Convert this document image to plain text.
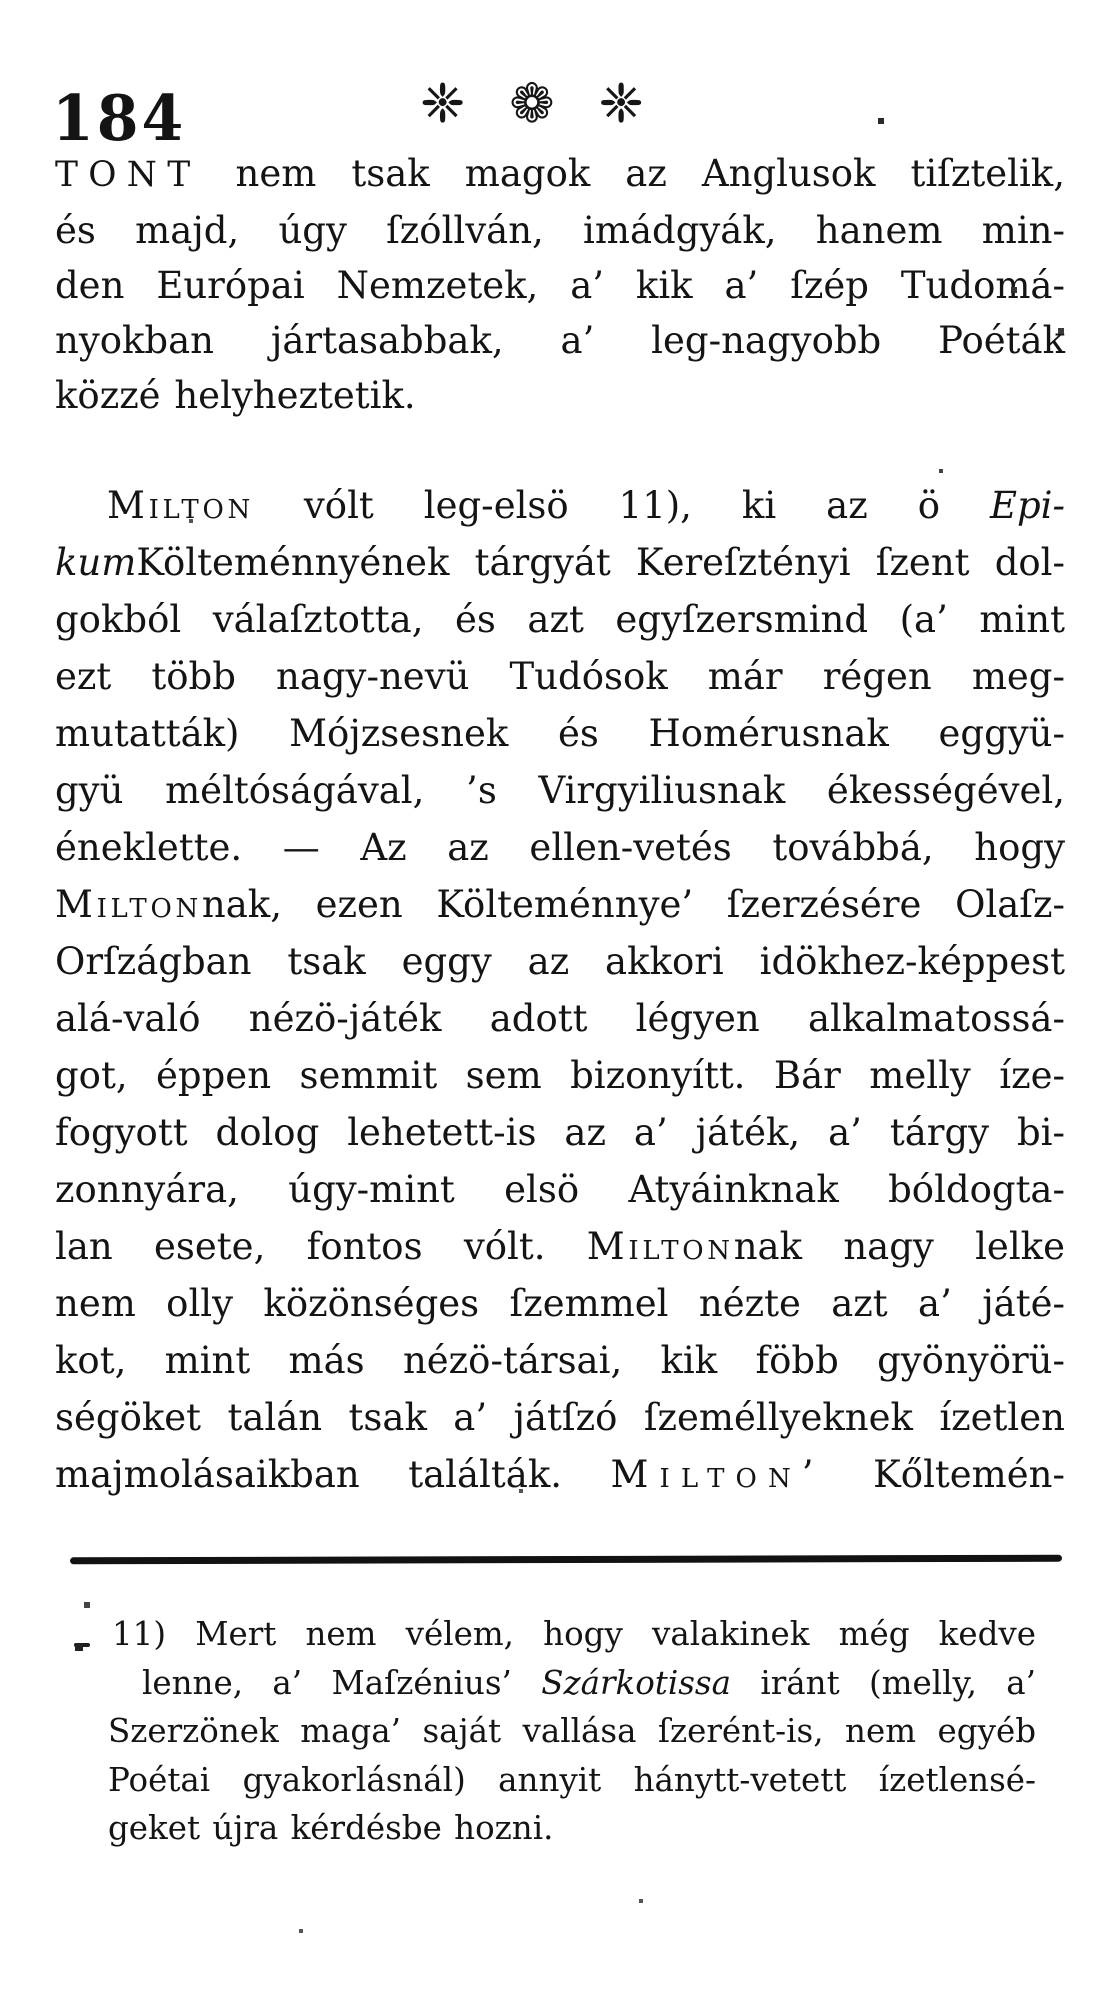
184	❈ ❁ ❈
TONT nem tsak magok az Anglusok tiſztelik,
és majd, úgy ſzóllván, imádgyák, hanem min-
den Európai Nemzetek, a’ kik a’ ſzép Tudomá-
nyokban jártasabbak, a’ leg-nagyobb Poéták
közzé helyheztetik.
Milton vólt leg-elsö 11), ki az ö Epi-
kumKölteménnyének tárgyát Kereſztényi ſzent dol-
gokból válaſztotta, és azt egyſzersmind (a’ mint
ezt több nagy-nevü Tudósok már régen meg-
mutatták) Mójzsesnek és Homérusnak eggyü-
gyü méltóságával, ’s Virgyiliusnak ékességével,
éneklette. — Az az ellen-vetés továbbá, hogy
Miltonnak, ezen Költeménnye’ ſzerzésére Olaſz-
Orſzágban tsak eggy az akkori idökhez-képpest
alá-való nézö-játék adott légyen alkalmatossá-
got, éppen semmit sem bizonyítt. Bár melly íze-
fogyott dolog lehetett-is az a’ játék, a’ tárgy bi-
zonnyára, úgy-mint elsö Atyáinknak bóldogta-
lan esete, fontos vólt. Miltonnak nagy lelke
nem olly közönséges ſzemmel nézte azt a’ játé-
kot, mint más nézö-társai, kik föbb gyönyörü-
ségöket talán tsak a’ játſzó ſzeméllyeknek ízetlen
majmolásaikban találták. Milton’ Kőltemén-
11) Mert nem vélem, hogy valakinek még kedve
lenne, a’ Maſzénius’ Szárkotissa iránt (melly, a’
Szerzönek maga’ saját vallása ſzerént-is, nem egyéb
Poétai gyakorlásnál) annyit hánytt-vetett ízetlensé-
geket újra kérdésbe hozni.
